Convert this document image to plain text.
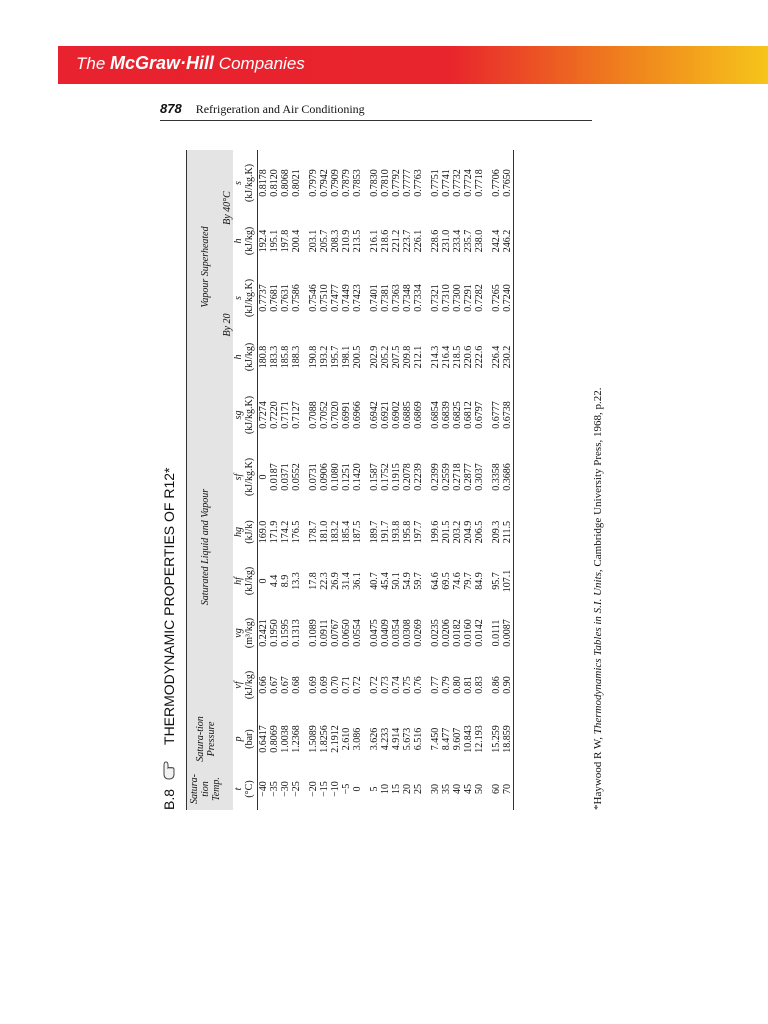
The McGraw·Hill Companies
878 Refrigeration and Air Conditioning
B.8  THERMODYNAMIC PROPERTIES OF R12*
Satura-tion Temp.	Satura-tion Pressure	Saturated Liquid and Vapour						Vapour Superheated			
								By 20		By 40°C	
t	p	vf	vg	hf	hg	sf	sg	h	s	h	s
(°C)	(bar)	(kJ/kg)	(m³/kg)	(kJ/kg)	(kJ/k)	(kJ/kg.K)	(kJ/kg.K)	(kJ/kg)	(kJ/kg.K)	(kJ/kg)	(kJ/kg.K)
−40	0.6417	0.66	0.2421	0	169.0	0	0.7274	180.8	0.7737	192.4	0.8178
−35	0.8069	0.67	0.1950	4.4	171.9	0.0187	0.7220	183.3	0.7681	195.1	0.8120
−30	1.0038	0.67	0.1595	8.9	174.2	0.0371	0.7171	185.8	0.7631	197.8	0.8068
−25	1.2368	0.68	0.1313	13.3	176.5	0.0552	0.7127	188.3	0.7586	200.4	0.8021
−20	1.5089	0.69	0.1089	17.8	178.7	0.0731	0.7088	190.8	0.7546	203.1	0.7979
−15	1.8256	0.69	0.0911	22.3	181.0	0.0906	0.7052	193.2	0.7510	205.7	0.7942
−10	2.1912	0.70	0.0767	26.9	183.2	0.1080	0.7020	195.7	0.7477	208.3	0.7909
−5	2.610	0.71	0.0650	31.4	185.4	0.1251	0.6991	198.1	0.7449	210.9	0.7879
0	3.086	0.72	0.0554	36.1	187.5	0.1420	0.6966	200.5	0.7423	213.5	0.7853
5	3.626	0.72	0.0475	40.7	189.7	0.1587	0.6942	202.9	0.7401	216.1	0.7830
10	4.233	0.73	0.0409	45.4	191.7	0.1752	0.6921	205.2	0.7381	218.6	0.7810
15	4.914	0.74	0.0354	50.1	193.8	0.1915	0.6902	207.5	0.7363	221.2	0.7792
20	5.673	0.75	0.0308	54.9	195.8	0.2078	0.6885	209.8	0.7348	223.7	0.7777
25	6.516	0.76	0.0269	59.7	197.7	0.2239	0.6869	212.1	0.7334	226.1	0.7763
30	7.450	0.77	0.0235	64.6	199.6	0.2399	0.6854	214.3	0.7321	228.6	0.7751
35	8.477	0.79	0.0206	69.5	201.5	0.2559	0.6839	216.4	0.7310	231.0	0.7741
40	9.607	0.80	0.0182	74.6	203.2	0.2718	0.6825	218.5	0.7300	233.4	0.7732
45	10.843	0.81	0.0160	79.7	204.9	0.2877	0.6812	220.6	0.7291	235.7	0.7724
50	12.193	0.83	0.0142	84.9	206.5	0.3037	0.6797	222.6	0.7282	238.0	0.7718
60	15.259	0.86	0.0111	95.7	209.3	0.3358	0.6777	226.4	0.7265	242.4	0.7706
70	18.859	0.90	0.0087	107.1	211.5	0.3686	0.6738	230.2	0.7240	246.2	0.7650
*Haywood R W, Thermodynamics Tables in S.I. Units, Cambridge University Press, 1968, p.22.
